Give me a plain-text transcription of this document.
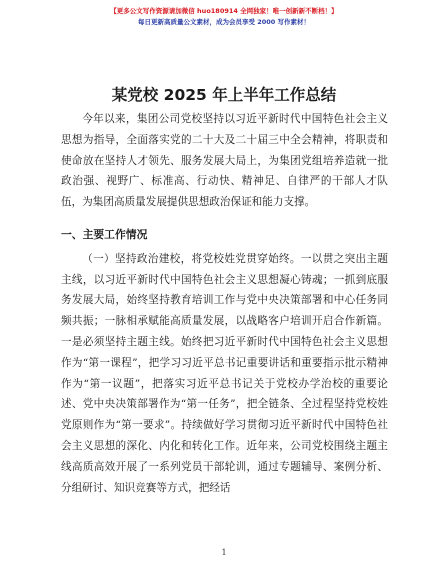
【更多公文写作资源请加微信 huo180914 全网独家！唯一创新新不断档！】
每日更新高质量公文素材，成为会员享受 2000 写作素材！
某党校 2025 年上半年工作总结

今年以来，集团公司党校坚持以习近平新时代中国特色社会主义思想为指导，全面落实党的二十大及二十届三中全会精神，将职责和使命放在坚持人才领先、服务发展大局上，为集团党组培养造就一批政治强、视野广、标准高、行动快、精神足、自律严的干部人才队伍，为集团高质量发展提供思想政治保证和能力支撑。

一、主要工作情况

（一）坚持政治建校，将党校姓党贯穿始终。一以贯之突出主题主线，以习近平新时代中国特色社会主义思想凝心铸魂；一抓到底服务发展大局，始终坚持教育培训工作与党中央决策部署和中心任务同频共振；一脉相承赋能高质量发展，以战略客户培训开启合作新篇。一是必须坚持主题主线。始终把习近平新时代中国特色社会主义思想作为“第一课程”，把学习习近平总书记重要讲话和重要指示批示精神作为“第一议题”，把落实习近平总书记关于党校办学治校的重要论述、党中央决策部署作为“第一任务”，把全链条、全过程坚持党校姓党原则作为“第一要求”。持续做好学习贯彻习近平新时代中国特色社会主义思想的深化、内化和转化工作。近年来，公司党校围绕主题主线高质高效开展了一系列党员干部轮训，通过专题辅导、案例分析、分组研讨、知识竞赛等方式，把经话

1
